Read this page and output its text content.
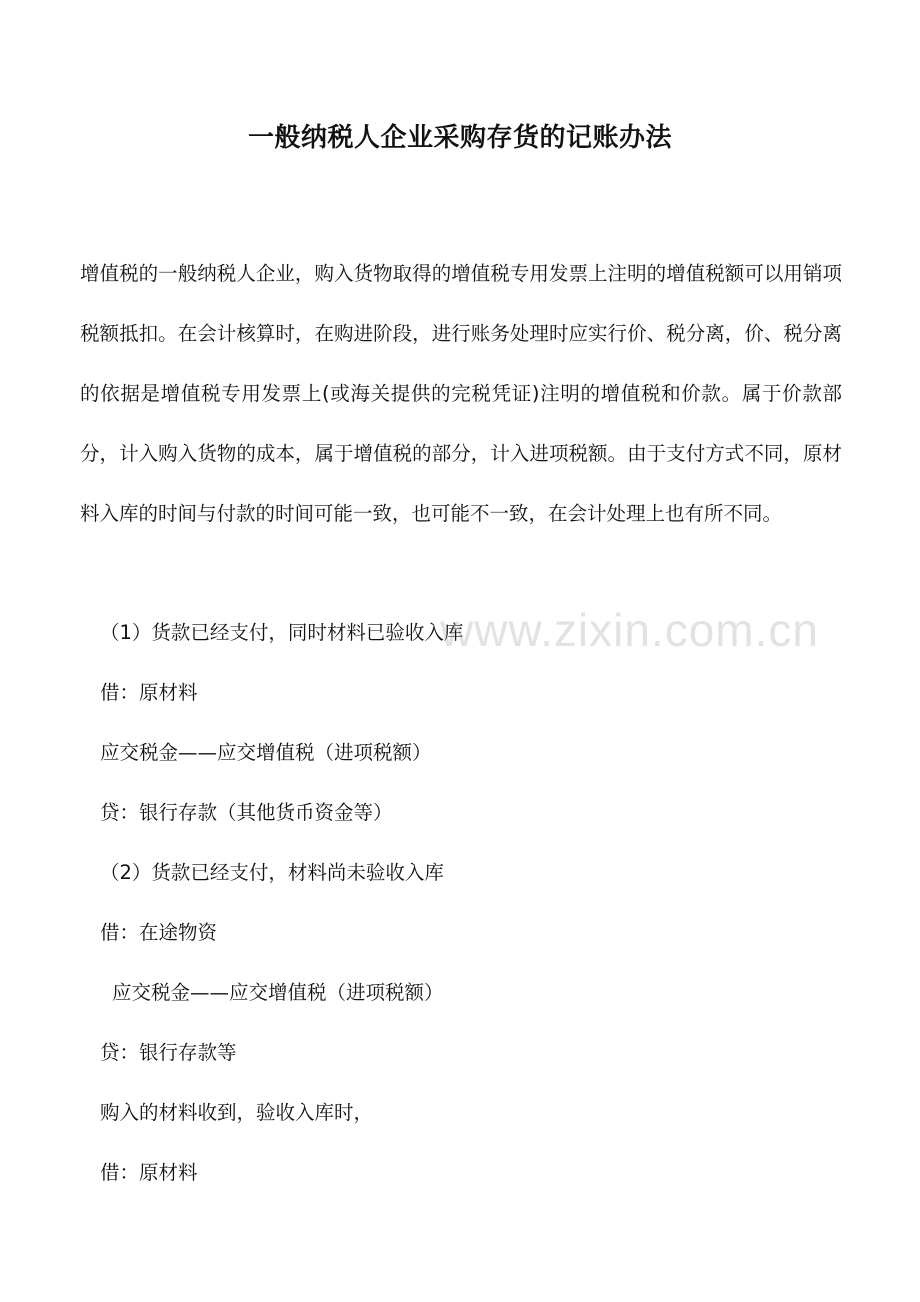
一般纳税人企业采购存货的记账办法

增值税的一般纳税人企业，购入货物取得的增值税专用发票上注明的增值税额可以用销项税额抵扣。在会计核算时，在购进阶段，进行账务处理时应实行价、税分离，价、税分离的依据是增值税专用发票上(或海关提供的完税凭证)注明的增值税和价款。属于价款部分，计入购入货物的成本，属于增值税的部分，计入进项税额。由于支付方式不同，原材料入库的时间与付款的时间可能一致，也可能不一致，在会计处理上也有所不同。

（1）货款已经支付，同时材料已验收入库

借：原材料

应交税金——应交增值税（进项税额）

贷：银行存款（其他货币资金等）

（2）货款已经支付，材料尚未验收入库

借：在途物资

应交税金——应交增值税（进项税额）

贷：银行存款等

购入的材料收到，验收入库时，

借：原材料

www.zixin.com.cn
